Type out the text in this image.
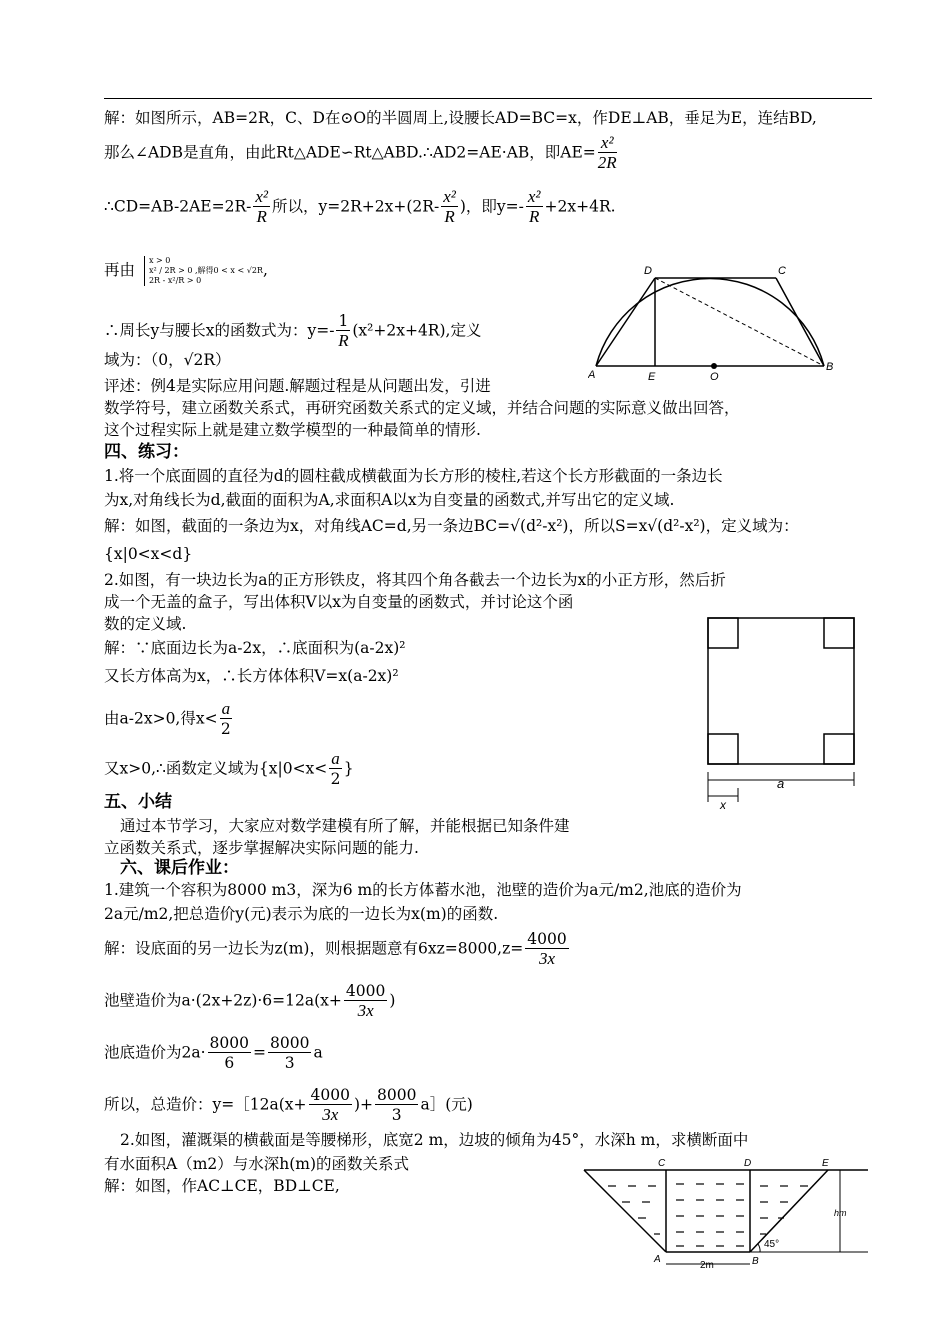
解：如图所示，AB=2R，C、D在⊙O的半圆周上,设腰长AD=BC=x，作DE⊥AB，垂足为E，连结BD,
那么∠ADB是直角，由此Rt△ADE∽Rt△ABD.∴AD2=AE·AB，即$AE= \frac{\text{x²}}{2R}$
∴CD=AB-2AE=2R- $\frac{\text{x²}}{R}$ 所以，$y=2R+2x+(2R- \frac{\text{x²}}{R}$ )，即$y=- \frac{\text{x²}}{R} +2x+4R$.
再由
x > 0
x² / 2R > 0 ,解得0 < x < √2R
2R - x²/R > 0
,
∴周长y与腰长x的函数式为：$y=- \frac{1}{R} (x^2+2x+4R)$,定义
域为：（0，√2R）
评述：例4是实际应用问题.解题过程是从问题出发，引进
数学符号，建立函数关系式，再研究函数关系式的定义域，并结合问题的实际意义做出回答，
这个过程实际上就是建立数学模型的一种最简单的情形.
D	C
A	E	O
B
四、练习：
1.将一个底面圆的直径为d的圆柱截成横截面为长方形的棱柱,若这个长方形截面的一条边长
为x,对角线长为d,截面的面积为A,求面积A以x为自变量的函数式,并写出它的定义域.
解：如图，截面的一条边为x，对角线AC=d,另一条边BC=√(d²-x²)，所以S=x√(d²-x²)，定义域为：
{x|0<x<d}
2.如图，有一块边长为a的正方形铁皮，将其四个角各截去一个边长为x的小正方形，然后折
成一个无盖的盒子，写出体积V以x为自变量的函数式，并讨论这个函
数的定义域.
解：∵底面边长为a-2x，∴底面积为(a-2x)²
又长方体高为x，∴长方体体积V=x(a-2x)²
由a-2x>0,得$x< \frac{a}{2}$
又x>0,∴函数定义域为{$x|0<x< \frac{a}{2}$ }
a
x
五、小结
通过本节学习，大家应对数学建模有所了解，并能根据已知条件建
立函数关系式，逐步掌握解决实际问题的能力.
六、课后作业：
1.建筑一个容积为8000 m3，深为6 m的长方体蓄水池，池壁的造价为a元/m2,池底的造价为
2a元/m2,把总造价y(元)表示为底的一边长为x(m)的函数.
解：设底面的另一边长为z(m)，则根据题意有$6xz=8000,z= \frac{4000}{3x}$
池壁造价为$a\cdot(2x+2z)\cdot 6=12a(x+ \frac{4000}{3x}$ )
池底造价为$2a\cdot \frac{8000}{6} = \frac{8000}{3}$ a
所以，总造价：y=［12a(x+ $\frac{4000}{3x}$ )+ $\frac{8000}{3}$ a］(元)
2.如图，灌溉渠的横截面是等腰梯形，底宽2 m，边坡的倾角为45°，水深h m，求横断面中
有水面积A（m2）与水深h(m)的函数关系式
解：如图，作AC⊥CE，BD⊥CE,
C	D	E
A	B
2m
hm
45°
